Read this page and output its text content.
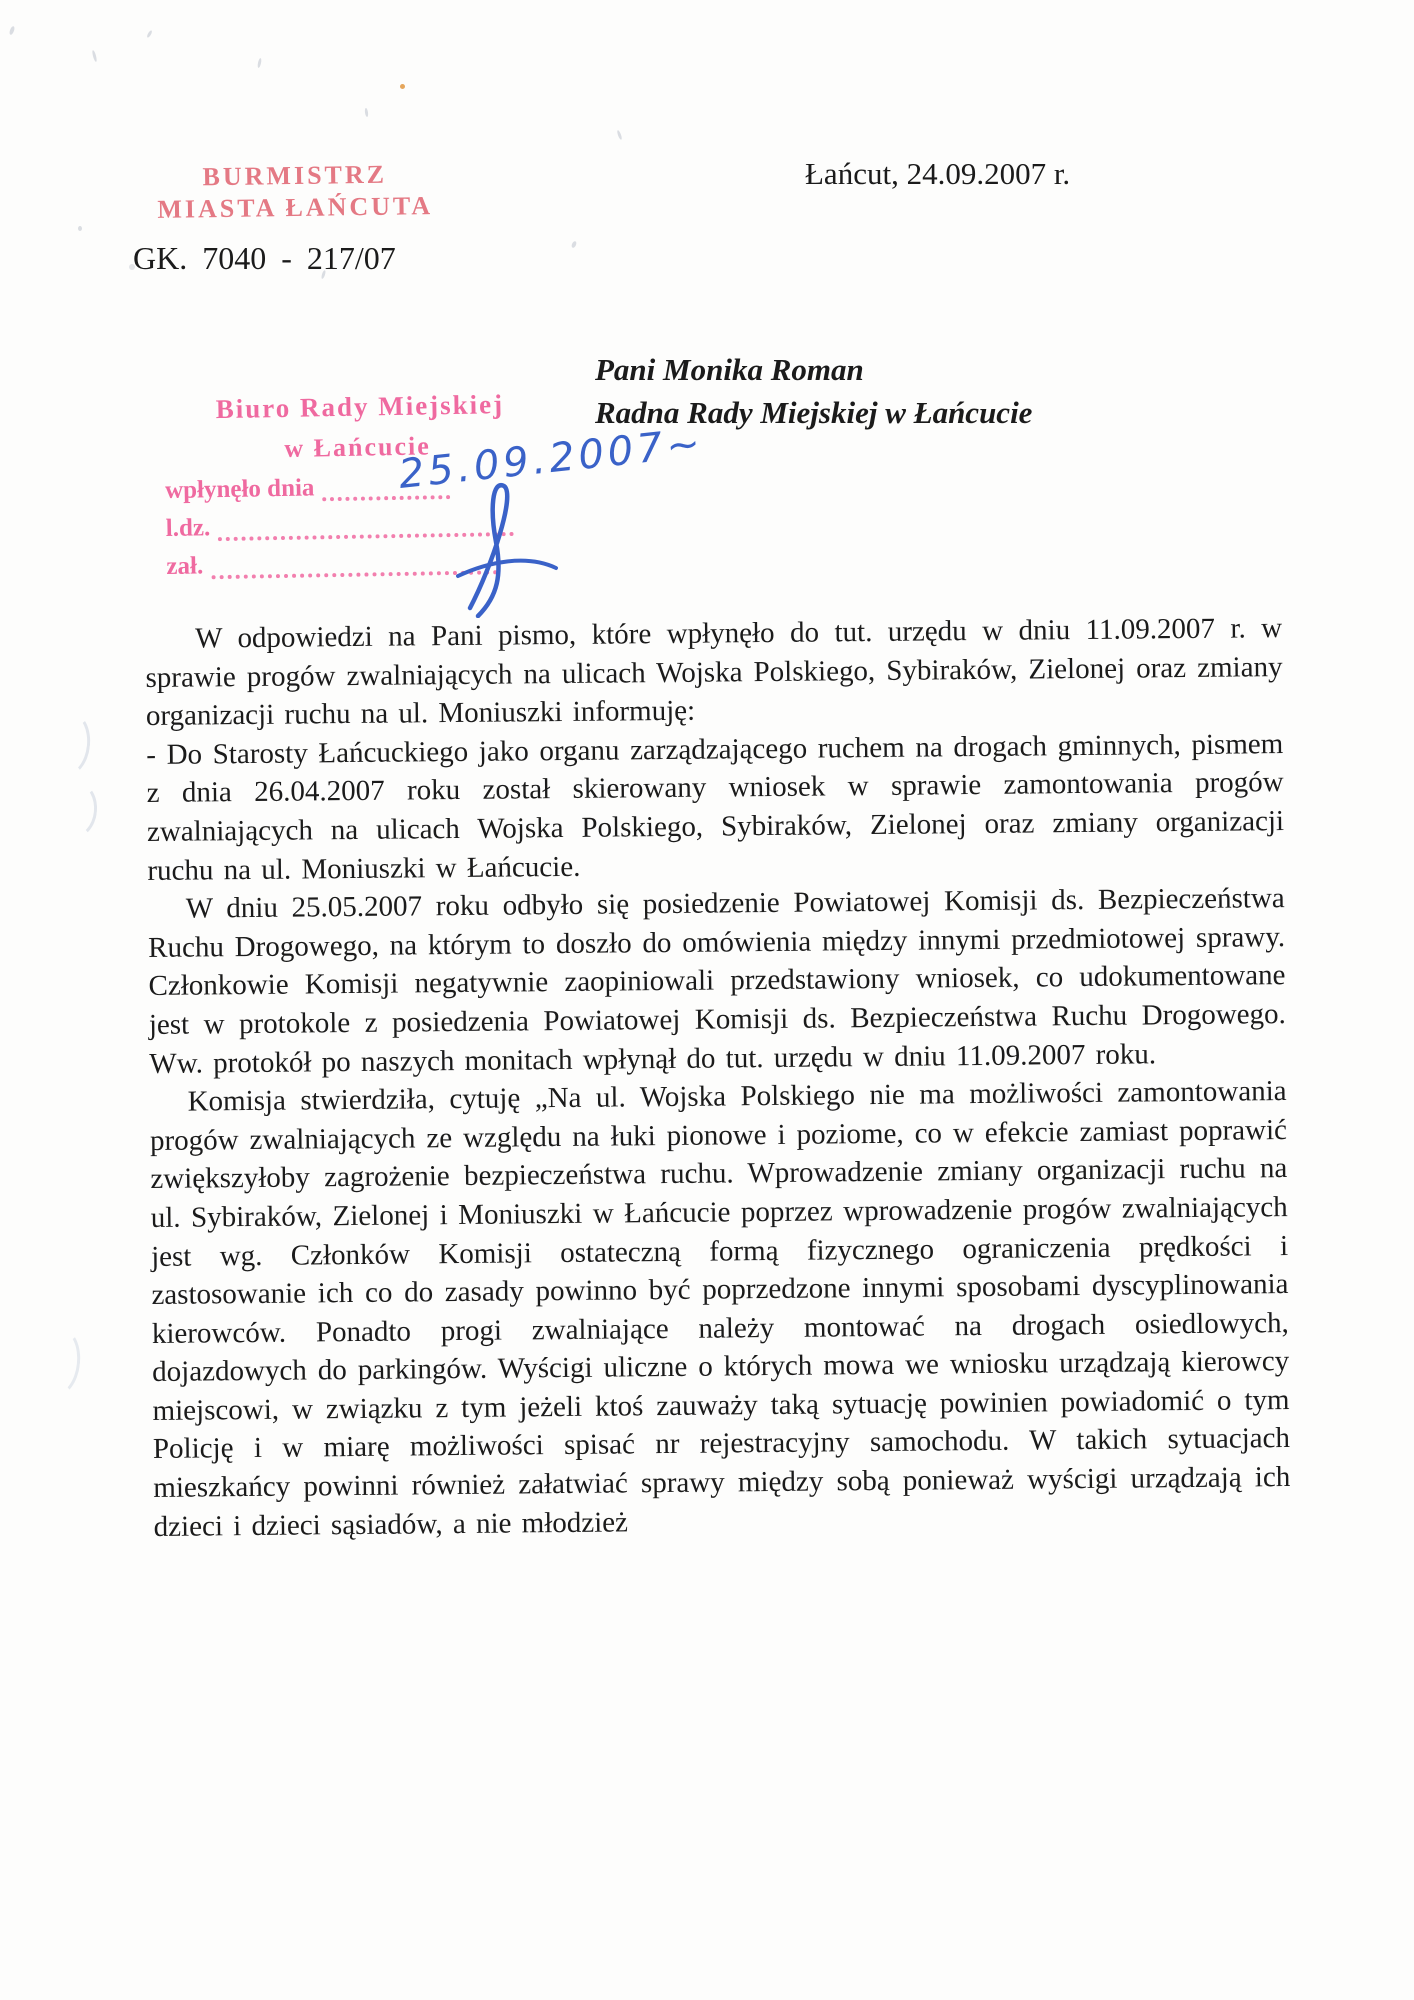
BURMISTRZ
MIASTA ŁAŃCUTA
Łańcut, 24.09.2007 r.
GK. 7040 - 217/07
Biuro Rady Miejskiej
w Łańcucie
wpłynęło dnia
l.dz.
zał.
25.09.2007~
Pani Monika Roman
Radna Rady Miejskiej w Łańcucie

W odpowiedzi na Pani pismo, które wpłynęło do tut. urzędu w dniu 11.09.2007 r. w sprawie progów zwalniających na ulicach Wojska Polskiego, Sybiraków, Zielonej oraz zmiany organizacji ruchu na ul. Moniuszki informuję:

- Do Starosty Łańcuckiego jako organu zarządzającego ruchem na drogach gminnych, pismem z dnia 26.04.2007 roku został skierowany wniosek w sprawie zamontowania progów zwalniających na ulicach Wojska Polskiego, Sybiraków, Zielonej oraz zmiany organizacji ruchu na ul. Moniuszki w Łańcucie.

W dniu 25.05.2007 roku odbyło się posiedzenie Powiatowej Komisji ds. Bezpieczeństwa Ruchu Drogowego, na którym to doszło do omówienia między innymi przedmiotowej sprawy. Członkowie Komisji negatywnie zaopiniowali przedstawiony wniosek, co udokumentowane jest w protokole z posiedzenia Powiatowej Komisji ds. Bezpieczeństwa Ruchu Drogowego. Ww. protokół po naszych monitach wpłynął do tut. urzędu w dniu 11.09.2007 roku.

Komisja stwierdziła, cytuję „Na ul. Wojska Polskiego nie ma możliwości zamontowania progów zwalniających ze względu na łuki pionowe i poziome, co w efekcie zamiast poprawić zwiększyłoby zagrożenie bezpieczeństwa ruchu. Wprowadzenie zmiany organizacji ruchu na ul. Sybiraków, Zielonej i Moniuszki w Łańcucie poprzez wprowadzenie progów zwalniających jest wg. Członków Komisji ostateczną formą fizycznego ograniczenia prędkości i zastosowanie ich co do zasady powinno być poprzedzone innymi sposobami dyscyplinowania kierowców. Ponadto progi zwalniające należy montować na drogach osiedlowych, dojazdowych do parkingów. Wyścigi uliczne o których mowa we wniosku urządzają kierowcy miejscowi, w związku z tym jeżeli ktoś zauważy taką sytuację powinien powiadomić o tym Policję i w miarę możliwości spisać nr rejestracyjny samochodu. W takich sytuacjach mieszkańcy powinni również załatwiać sprawy między sobą ponieważ wyścigi urządzają ich dzieci i dzieci sąsiadów, a nie młodzież
